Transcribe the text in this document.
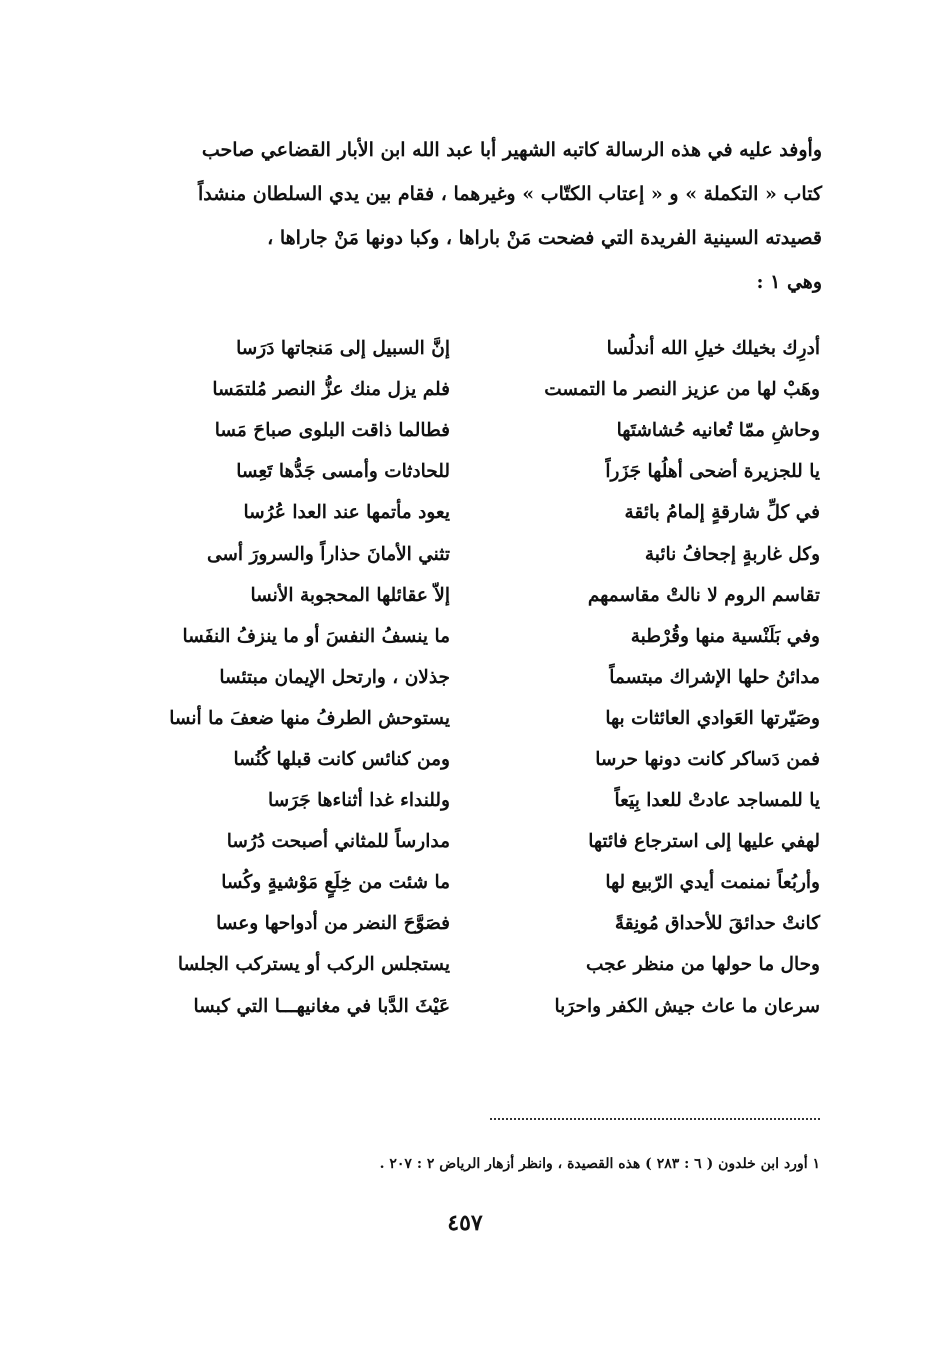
وأوفد عليه في هذه الرسالة كاتبه الشهير أبا عبد الله ابن الأبار القضاعي صاحب
كتاب « التكملة » و « إعتاب الكتّاب » وغيرهما ، فقام بين يدي السلطان منشداً
قصيدته السينية الفريدة التي فضحت مَنْ باراها ، وكبا دونها مَنْ جاراها ،
وهي ١ :
أدرِك بخيلك خيلِ الله أندلُسا
إنَّ السبيل إلى مَنجاتها دَرَسا
وهَبْ لها من عزيز النصر ما التمست
فلم يزل منك عزُّ النصر مُلتمَسا
وحاشِ ممّا تُعانيه حُشاشتَها
فطالما ذاقت البلوى صباحَ مَسا
يا للجزيرة أضحى أهلُها جَزَراً
للحادثات وأمسى جَدُّها تَعِسا
في كلِّ شارقةٍ إلمامُ بائقة
يعود مأتمها عند العدا عُرُسا
وكل غاربةٍ إجحافُ نائبة
تثني الأمانَ حذاراً والسرورَ أسى
تقاسم الروم لا نالتْ مقاسمهم
إلاّ عقائلها المحجوبة الأنسا
وفي بَلَنْسية منها وقُرْطبة
ما ينسفُ النفسَ أو ما ينزفُ النفَسا
مدائنُ حلها الإشراك مبتسماً
جذلان ، وارتحل الإيمان مبتئسا
وصَيّرتها العَوادي العائثات بها
يستوحش الطرفُ منها ضعفَ ما أنسا
فمن دَساكر كانت دونها حرسا
ومن كنائس كانت قبلها كُنُسا
يا للمساجد عادتْ للعدا بِيَعاً
وللنداء غدا أثناءها جَرَسا
لهفي عليها إلى استرجاع فائتها
مدارساً للمثاني أصبحت دُرُسا
وأربُعاً نمنمت أيدي الرّبيع لها
ما شئت من خِلَعٍ مَوْشيةٍ وكُسا
كانتْ حدائقَ للأحداق مُونِقةً
فصَوَّحَ النضر من أدواحها وعسا
وحال ما حولها من منظر عجب
يستجلس الركب أو يستركب الجلسا
سرعان ما عاث جيش الكفر واحرَبا
عَيْثَ الدَّبا في مغانيهـــا التي كبسا
١ أورد ابن خلدون ( ٦ : ٢٨٣ ) هذه القصيدة ، وانظر أزهار الرياض ٢ : ٢٠٧ .
٤٥٧
